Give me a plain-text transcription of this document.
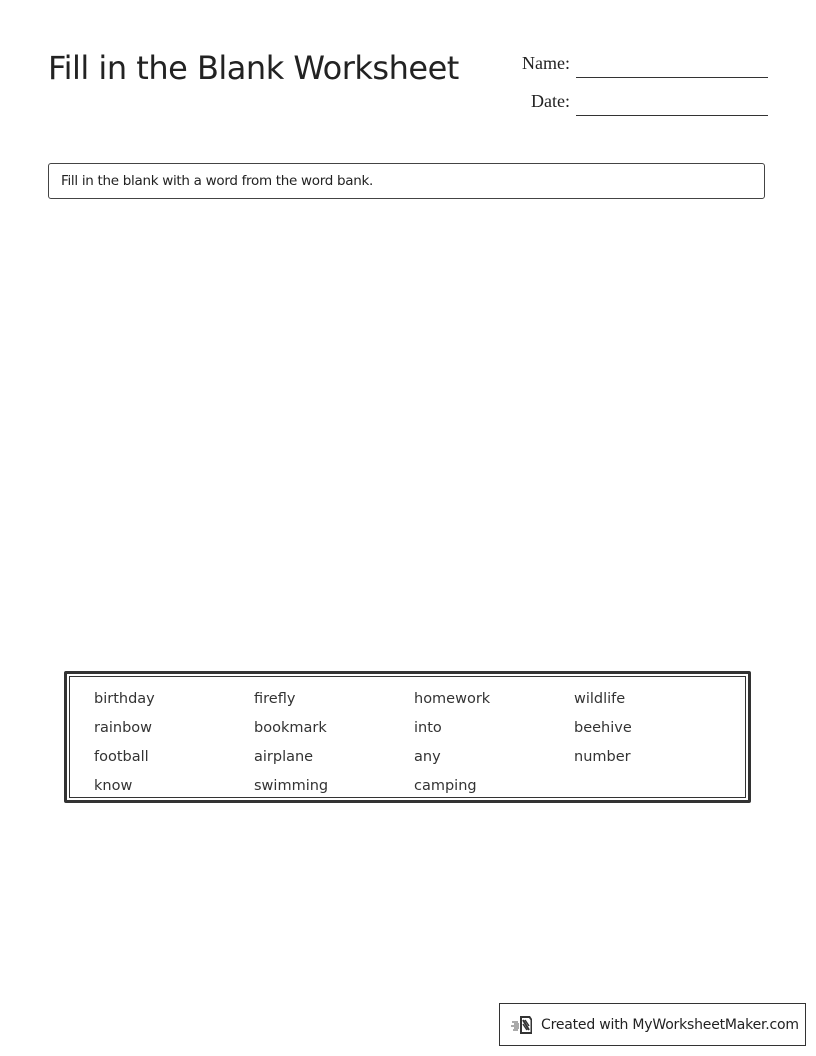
Fill in the Blank Worksheet	Name:
Date:
Fill in the blank with a word from the word bank.
birthday
rainbow
football
know
firefly
bookmark
airplane
swimming
homework
into
any
camping
wildlife
beehive
number
Created with MyWorksheetMaker.com
